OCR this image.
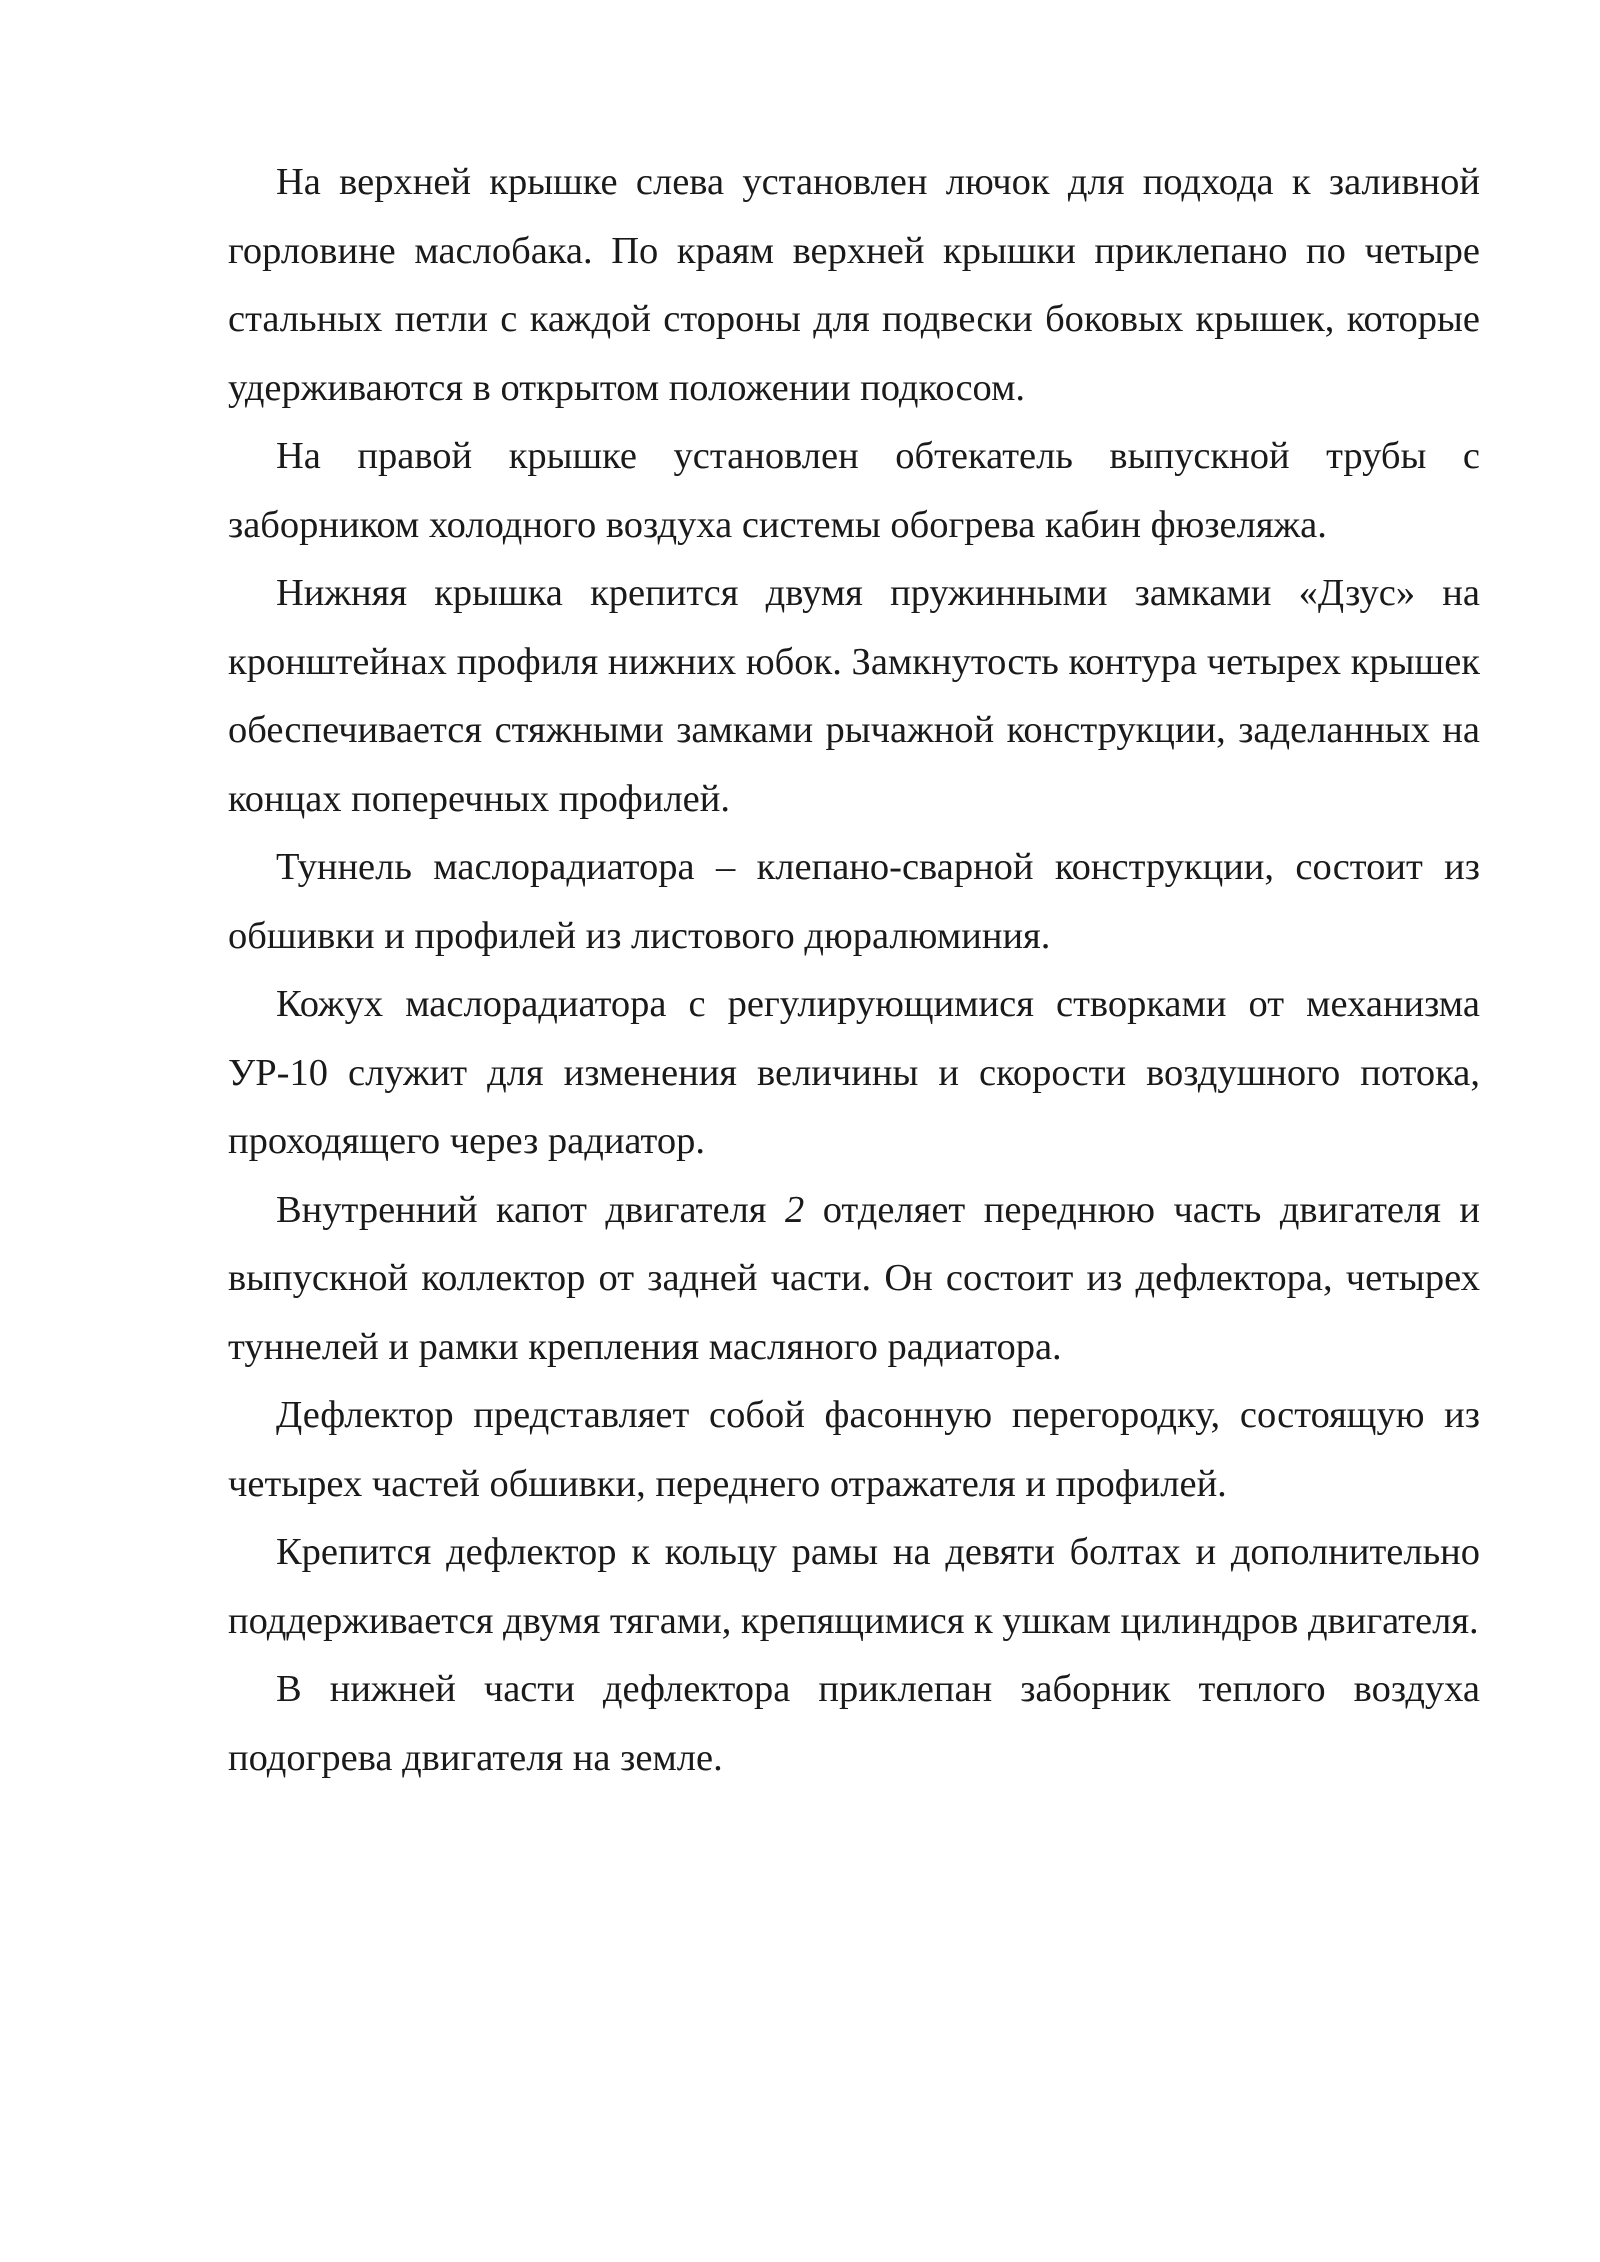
На верхней крышке слева установлен лючок для подхода к заливной горловине маслобака. По краям верхней крышки приклепано по четыре стальных петли с каждой стороны для подвески боковых крышек, которые удерживаются в открытом положении подкосом.

На правой крышке установлен обтекатель выпускной трубы с заборником холодного воздуха системы обогрева кабин фюзеляжа.

Нижняя крышка крепится двумя пружинными замками «Дзус» на кронштейнах профиля нижних юбок. Замкнутость контура четырех крышек обеспечивается стяжными замками рычажной конструкции, заделанных на концах поперечных профилей.

Туннель маслорадиатора – клепано-сварной конструкции, состоит из обшивки и профилей из листового дюралюминия.

Кожух маслорадиатора с регулирующимися створками от механизма УР-10 служит для изменения величины и скорости воздушного потока, проходящего через радиатор.

Внутренний капот двигателя 2 отделяет переднюю часть двигателя и выпускной коллектор от задней части. Он состоит из дефлектора, четырех туннелей и рамки крепления масляного радиатора.

Дефлектор представляет собой фасонную перегородку, состоящую из четырех частей обшивки, переднего отражателя и профилей.

Крепится дефлектор к кольцу рамы на девяти болтах и дополнительно поддерживается двумя тягами, крепящимися к ушкам цилиндров двигателя.

В нижней части дефлектора приклепан заборник теплого воздуха подогрева двигателя на земле.
